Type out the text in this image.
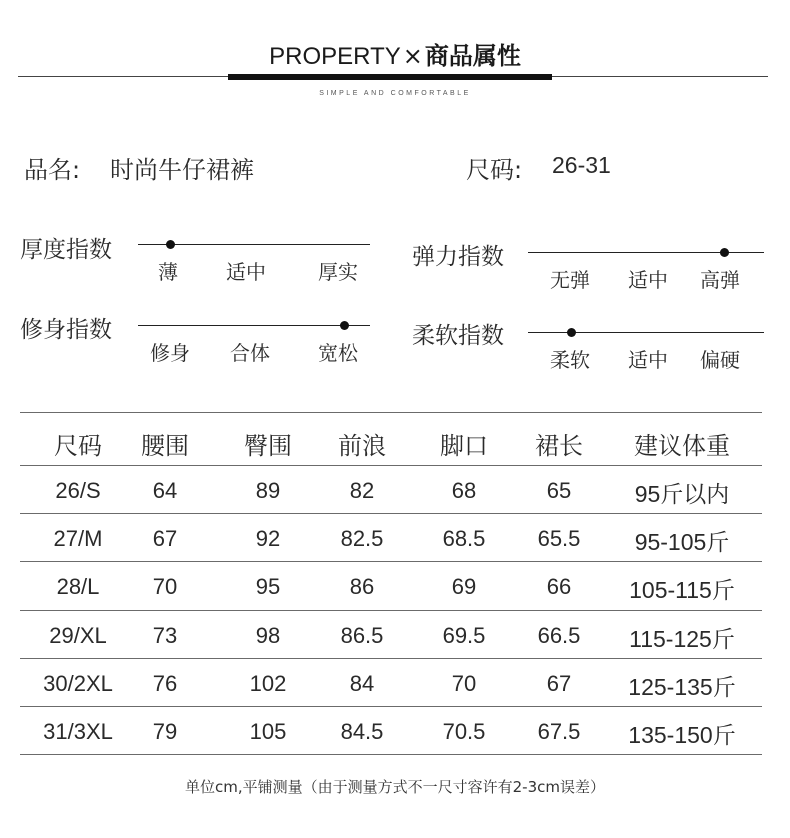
PROPERTY×商品属性
SIMPLE AND COMFORTABLE
品名: 时尚牛仔裙裤	尺码: 26-31
厚度指数
薄 适中	厚实
弹力指数
无弹 适中 高弹
修身指数
修身 合体 宽松
柔软指数
柔软 适中 偏硬
尺码	腰围	臀围	前浪	脚口	裙长	建议体重
26/S	64	89	82	68	65	95斤以内
27/M	67	92	82.5	68.5	65.5	95-105斤
28/L	70	95	86	69	66	105-115斤
29/XL	73	98	86.5	69.5	66.5	115-125斤
30/2XL	76	102	84	70	67	125-135斤
31/3XL	79	105	84.5	70.5	67.5	135-150斤
单位cm,平铺测量（由于测量方式不一尺寸容许有2-3cm误差）
